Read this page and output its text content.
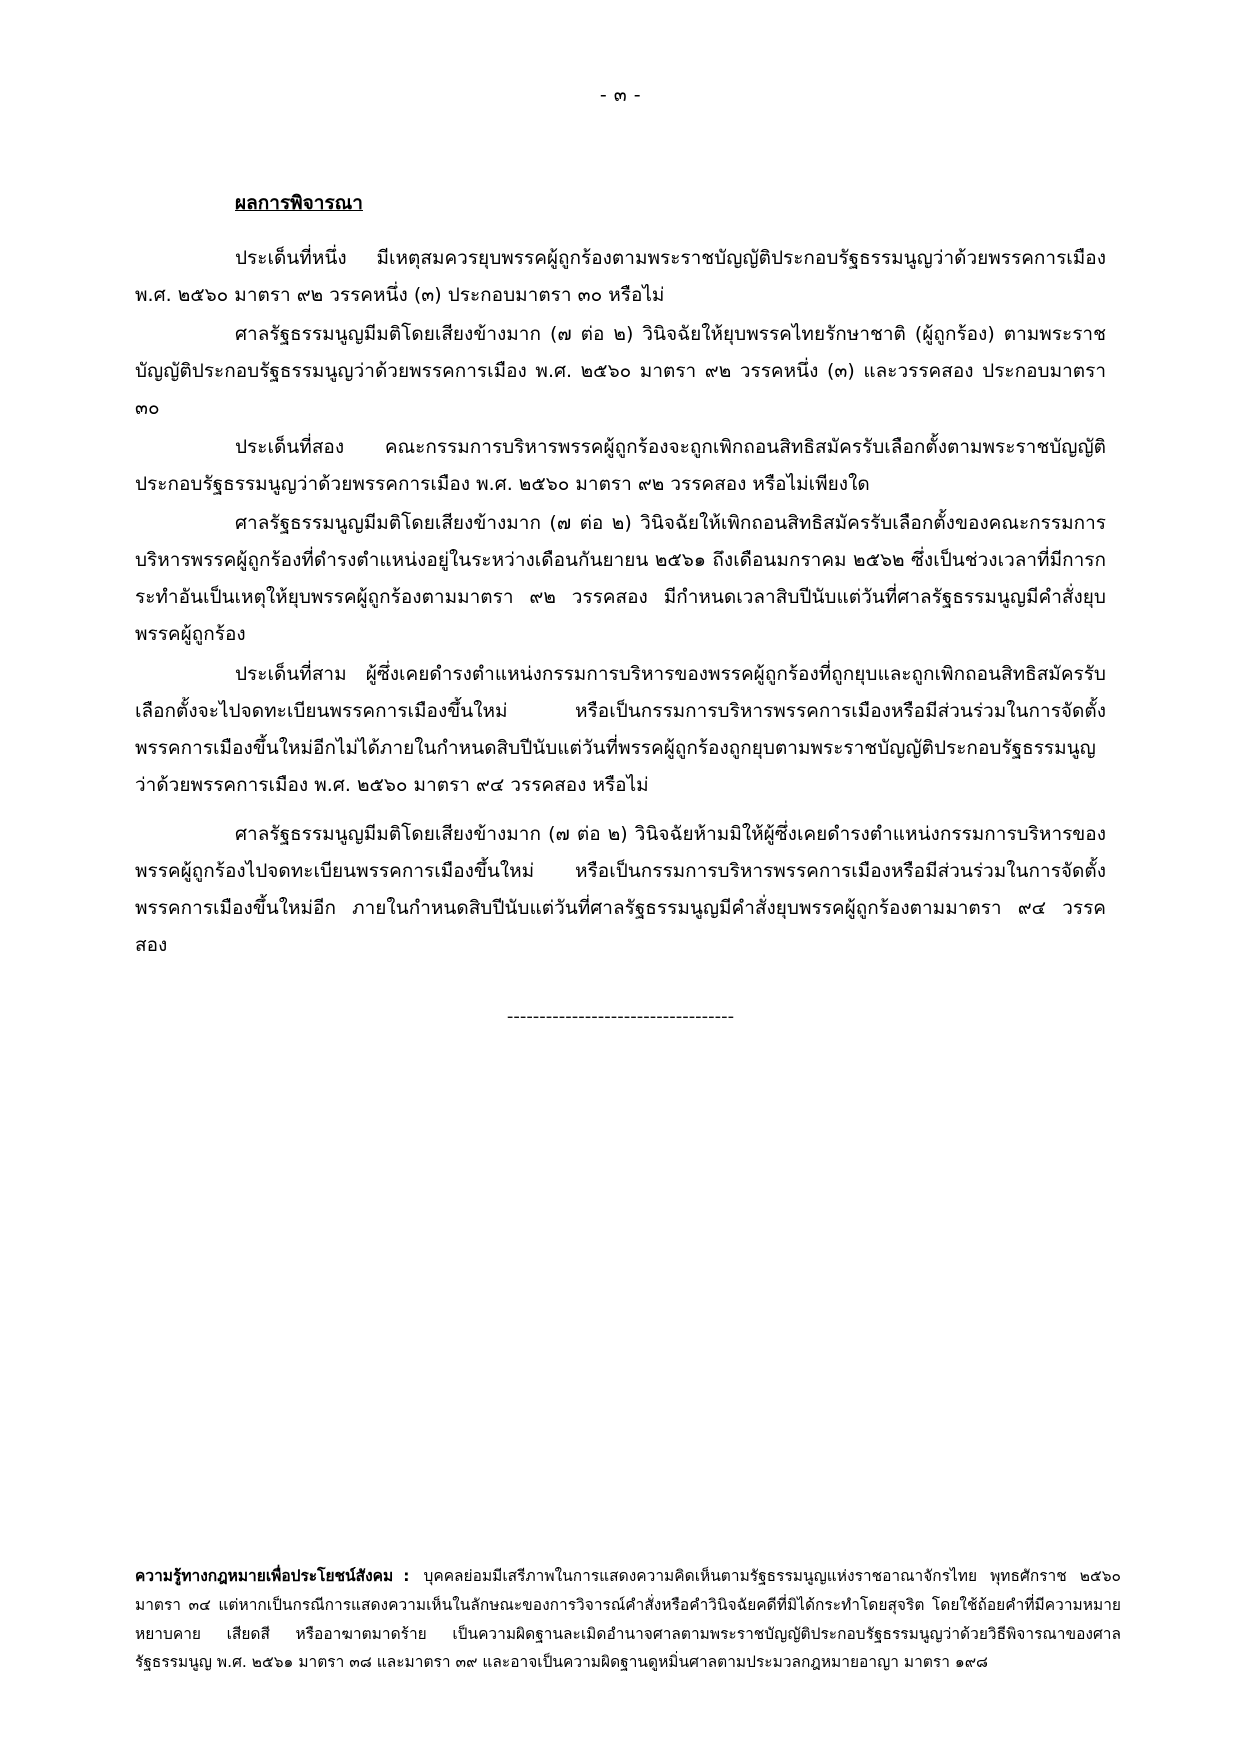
- ๓ -
ผลการพิจารณา

ประเด็นที่หนึ่ง มีเหตุสมควรยุบพรรคผู้ถูกร้องตามพระราชบัญญัติประกอบรัฐธรรมนูญว่าด้วยพรรคการเมือง พ.ศ. ๒๕๖๐ มาตรา ๙๒ วรรคหนึ่ง (๓) ประกอบมาตรา ๓๐ หรือไม่

ศาลรัฐธรรมนูญมีมติโดยเสียงข้างมาก (๗ ต่อ ๒) วินิจฉัยให้ยุบพรรคไทยรักษาชาติ (ผู้ถูกร้อง) ตามพระราชบัญญัติประกอบรัฐธรรมนูญว่าด้วยพรรคการเมือง พ.ศ. ๒๕๖๐ มาตรา ๙๒ วรรคหนึ่ง (๓) และวรรคสอง ประกอบมาตรา ๓๐

ประเด็นที่สอง คณะกรรมการบริหารพรรคผู้ถูกร้องจะถูกเพิกถอนสิทธิสมัครรับเลือกตั้งตามพระราชบัญญัติประกอบรัฐธรรมนูญว่าด้วยพรรคการเมือง พ.ศ. ๒๕๖๐ มาตรา ๙๒ วรรคสอง หรือไม่เพียงใด

ศาลรัฐธรรมนูญมีมติโดยเสียงข้างมาก (๗ ต่อ ๒) วินิจฉัยให้เพิกถอนสิทธิสมัครรับเลือกตั้งของคณะกรรมการบริหารพรรคผู้ถูกร้องที่ดำรงตำแหน่งอยู่ในระหว่างเดือนกันยายน ๒๕๖๑ ถึงเดือนมกราคม ๒๕๖๒ ซึ่งเป็นช่วงเวลาที่มีการกระทำอันเป็นเหตุให้ยุบพรรคผู้ถูกร้องตามมาตรา ๙๒ วรรคสอง มีกำหนดเวลาสิบปีนับแต่วันที่ศาลรัฐธรรมนูญมีคำสั่งยุบพรรคผู้ถูกร้อง

ประเด็นที่สาม ผู้ซึ่งเคยดำรงตำแหน่งกรรมการบริหารของพรรคผู้ถูกร้องที่ถูกยุบและถูกเพิกถอนสิทธิสมัครรับเลือกตั้งจะไปจดทะเบียนพรรคการเมืองขึ้นใหม่ หรือเป็นกรรมการบริหารพรรคการเมืองหรือมีส่วนร่วมในการจัดตั้งพรรคการเมืองขึ้นใหม่อีกไม่ได้ภายในกำหนดสิบปีนับแต่วันที่พรรคผู้ถูกร้องถูกยุบตามพระราชบัญญัติประกอบรัฐธรรมนูญว่าด้วยพรรคการเมือง พ.ศ. ๒๕๖๐ มาตรา ๙๔ วรรคสอง หรือไม่

ศาลรัฐธรรมนูญมีมติโดยเสียงข้างมาก (๗ ต่อ ๒) วินิจฉัยห้ามมิให้ผู้ซึ่งเคยดำรงตำแหน่งกรรมการบริหารของพรรคผู้ถูกร้องไปจดทะเบียนพรรคการเมืองขึ้นใหม่ หรือเป็นกรรมการบริหารพรรคการเมืองหรือมีส่วนร่วมในการจัดตั้งพรรคการเมืองขึ้นใหม่อีก ภายในกำหนดสิบปีนับแต่วันที่ศาลรัฐธรรมนูญมีคำสั่งยุบพรรคผู้ถูกร้องตามมาตรา ๙๔ วรรคสอง

-----------------------------------
ความรู้ทางกฎหมายเพื่อประโยชน์สังคม : บุคคลย่อมมีเสรีภาพในการแสดงความคิดเห็นตามรัฐธรรมนูญแห่งราชอาณาจักรไทย พุทธศักราช ๒๕๖๐ มาตรา ๓๔ แต่หากเป็นกรณีการแสดงความเห็นในลักษณะของการวิจารณ์คำสั่งหรือคำวินิจฉัยคดีที่มิได้กระทำโดยสุจริต โดยใช้ถ้อยคำที่มีความหมายหยาบคาย เสียดสี หรืออาฆาตมาดร้าย เป็นความผิดฐานละเมิดอำนาจศาลตามพระราชบัญญัติประกอบรัฐธรรมนูญว่าด้วยวิธีพิจารณาของศาลรัฐธรรมนูญ พ.ศ. ๒๕๖๑ มาตรา ๓๘ และมาตรา ๓๙ และอาจเป็นความผิดฐานดูหมิ่นศาลตามประมวลกฎหมายอาญา มาตรา ๑๙๘
